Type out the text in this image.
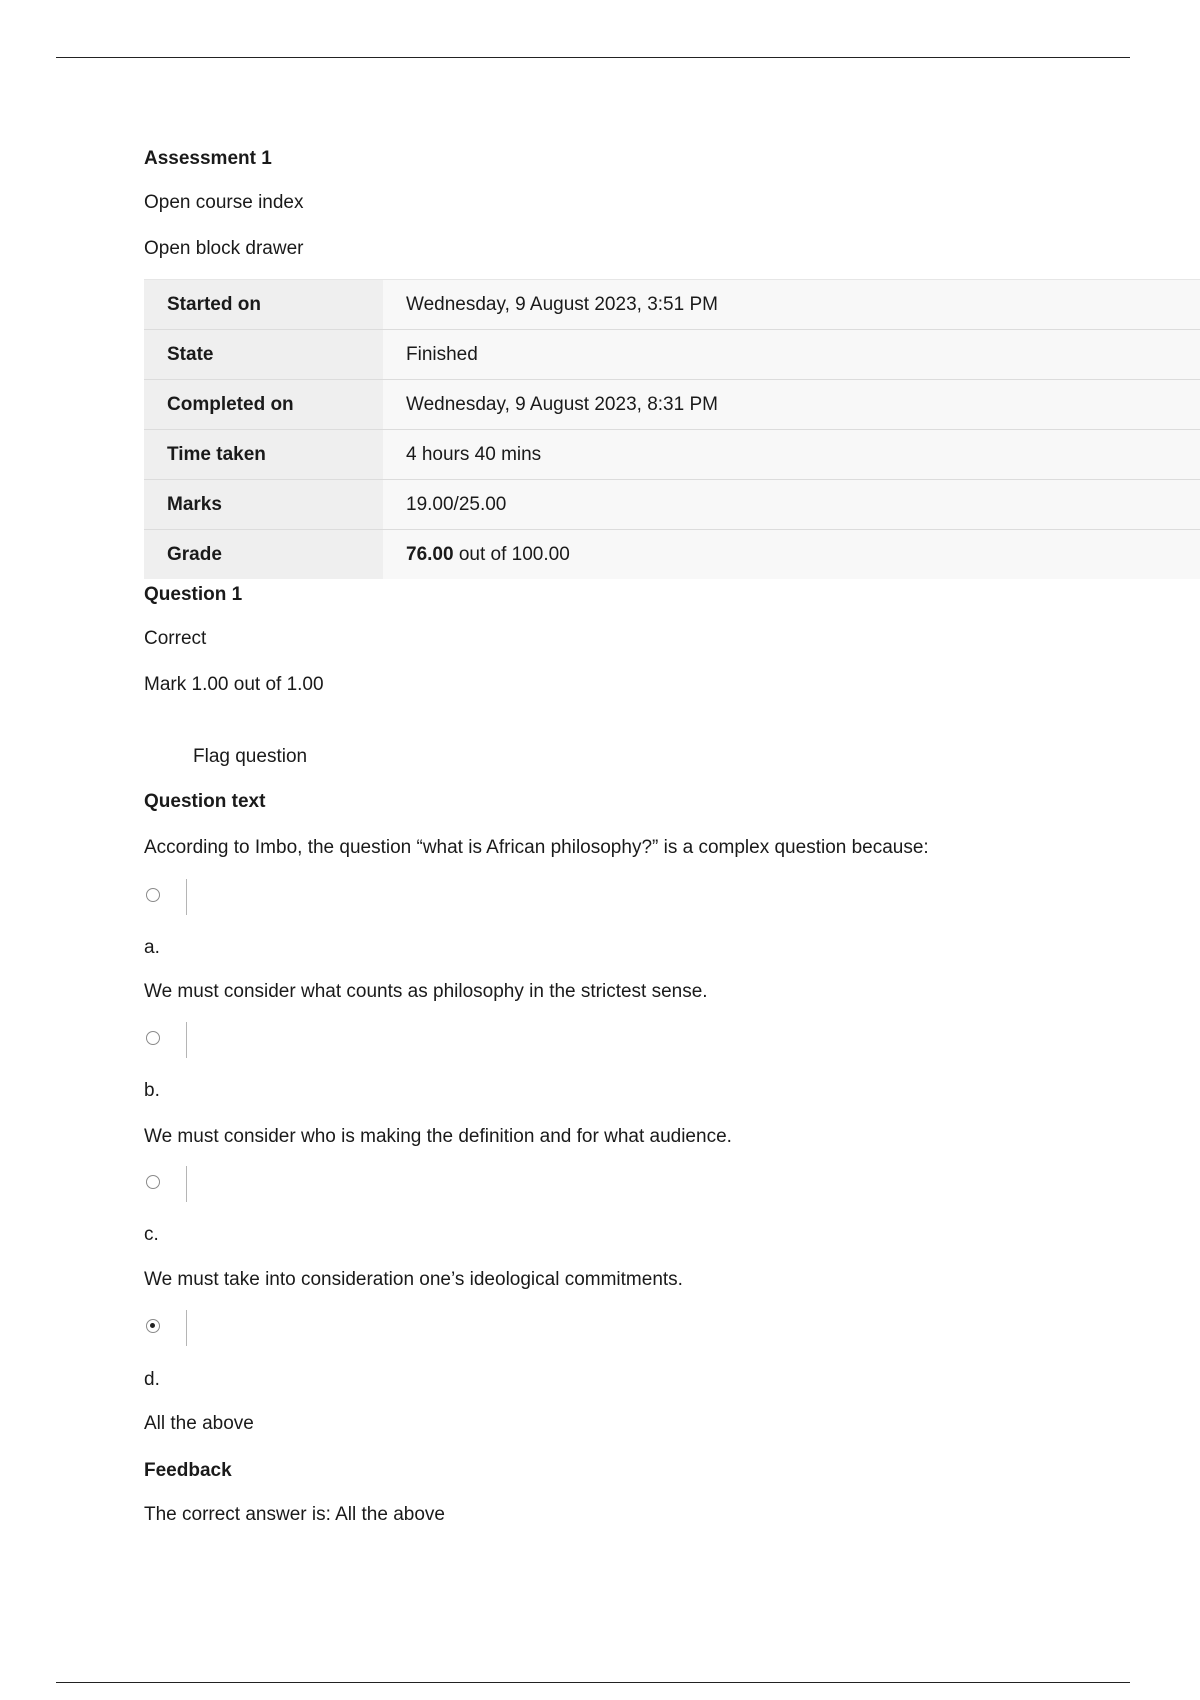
Assessment 1
Open course index
Open block drawer
Started on	Wednesday, 9 August 2023, 3:51 PM
State	Finished
Completed on	Wednesday, 9 August 2023, 8:31 PM
Time taken	4 hours 40 mins
Marks	19.00/25.00
Grade	76.00 out of 100.00
Question 1
Correct
Mark 1.00 out of 1.00
Flag question
Question text
According to Imbo, the question “what is African philosophy?” is a complex question because:
a.
We must consider what counts as philosophy in the strictest sense.
b.
We must consider who is making the definition and for what audience.
c.
We must take into consideration one’s ideological commitments.
d.
All the above
Feedback
The correct answer is: All the above
